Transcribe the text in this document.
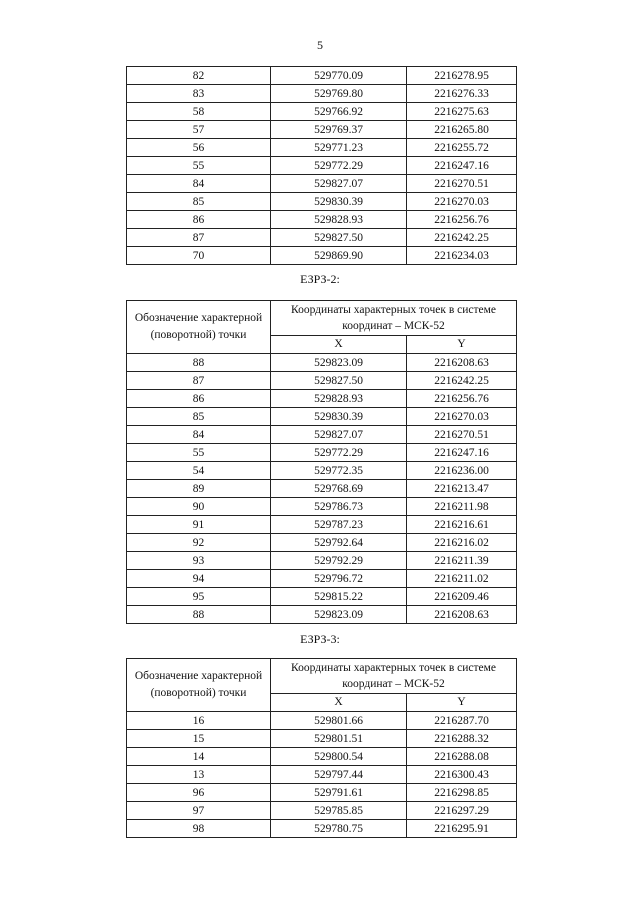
5
82	529770.09	2216278.95
83	529769.80	2216276.33
58	529766.92	2216275.63
57	529769.37	2216265.80
56	529771.23	2216255.72
55	529772.29	2216247.16
84	529827.07	2216270.51
85	529830.39	2216270.03
86	529828.93	2216256.76
87	529827.50	2216242.25
70	529869.90	2216234.03
ЕЗРЗ-2:
Обозначение характерной (поворотной) точки	Координаты характерных точек в системе координат – МСК-52	
	X	Y
88	529823.09	2216208.63
87	529827.50	2216242.25
86	529828.93	2216256.76
85	529830.39	2216270.03
84	529827.07	2216270.51
55	529772.29	2216247.16
54	529772.35	2216236.00
89	529768.69	2216213.47
90	529786.73	2216211.98
91	529787.23	2216216.61
92	529792.64	2216216.02
93	529792.29	2216211.39
94	529796.72	2216211.02
95	529815.22	2216209.46
88	529823.09	2216208.63
ЕЗРЗ-3:
Обозначение характерной (поворотной) точки	Координаты характерных точек в системе координат – МСК-52	
	X	Y
16	529801.66	2216287.70
15	529801.51	2216288.32
14	529800.54	2216288.08
13	529797.44	2216300.43
96	529791.61	2216298.85
97	529785.85	2216297.29
98	529780.75	2216295.91
